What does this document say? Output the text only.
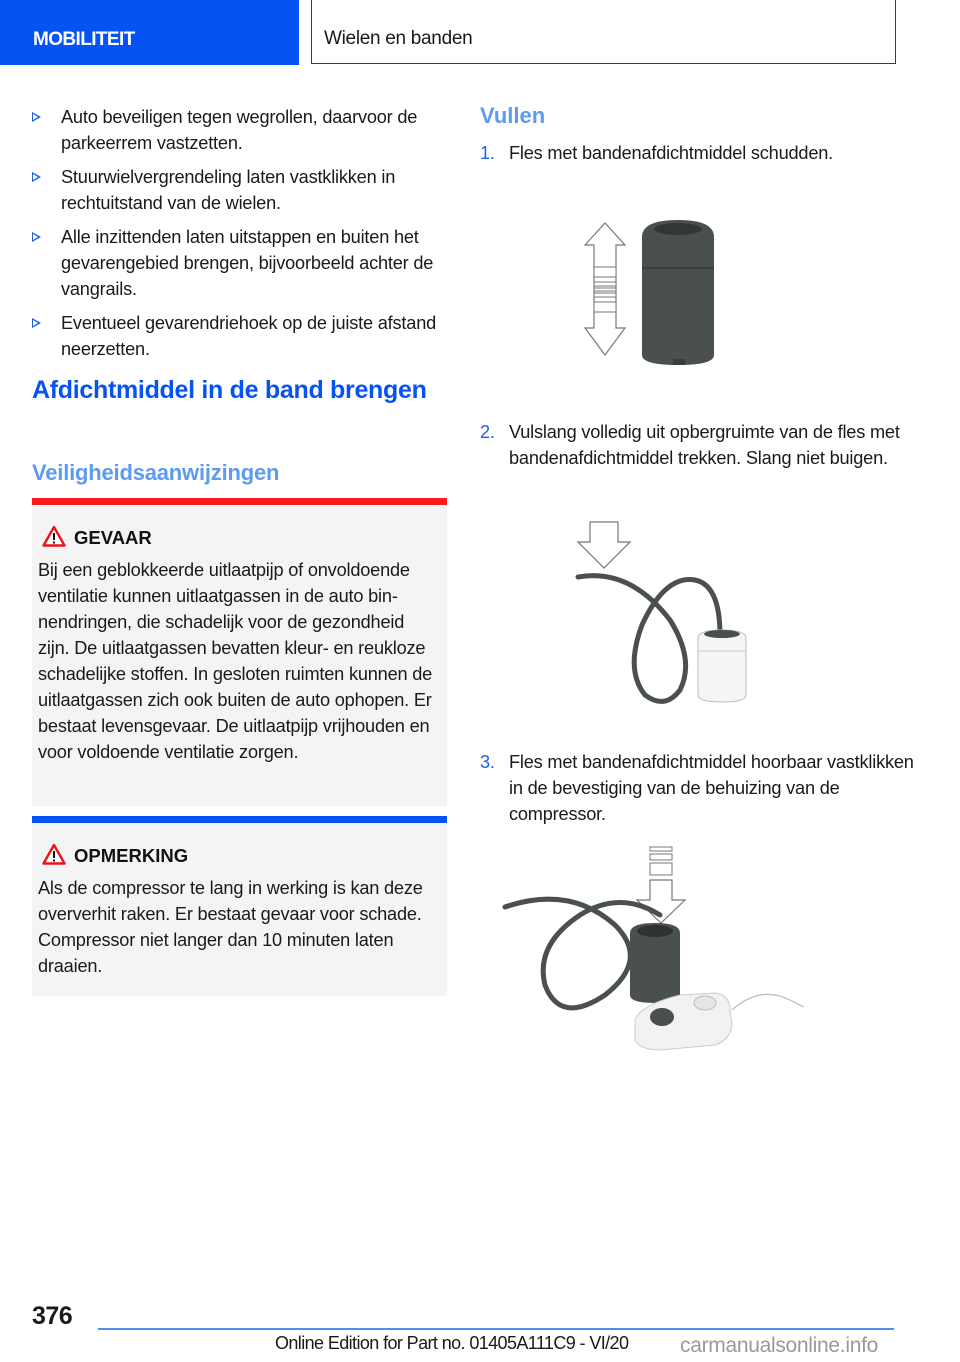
MOBILITEIT	Wielen en banden
Auto beveiligen tegen wegrollen, daarvoor de parkeerrem vastzetten.
Stuurwielvergrendeling laten vastklikken in rechtuitstand van de wielen.
Alle inzittenden laten uitstappen en buiten het gevarengebied brengen, bijvoorbeeld achter de vangrails.
Eventueel gevarendriehoek op de juiste afstand neerzetten.
Afdichtmiddel in de band brengen
Veiligheidsaanwijzingen
GEVAAR
Bij een geblokkeerde uitlaatpijp of onvoldoende ventilatie kunnen uitlaatgassen in de auto binnendringen, die schadelijk voor de gezondheid zijn. De uitlaatgassen bevatten kleur- en reukloze schadelijke stoffen. In gesloten ruimten kunnen de uitlaatgassen zich ook buiten de auto ophopen. Er bestaat levensgevaar. De uitlaatpijp vrijhouden en voor voldoende ventilatie zorgen.
OPMERKING
Als de compressor te lang in werking is kan deze oververhit raken. Er bestaat gevaar voor schade. Compressor niet langer dan 10 minuten laten draaien.
Vullen
1. Fles met bandenafdichtmiddel schudden.
2. Vulslang volledig uit opbergruimte van de fles met bandenafdichtmiddel trekken. Slang niet buigen.
3. Fles met bandenafdichtmiddel hoorbaar vastklikken in de bevestiging van de behuizing van de compressor.
376
Online Edition for Part no. 01405A111C9 - VI/20 carmanualsonline.info
